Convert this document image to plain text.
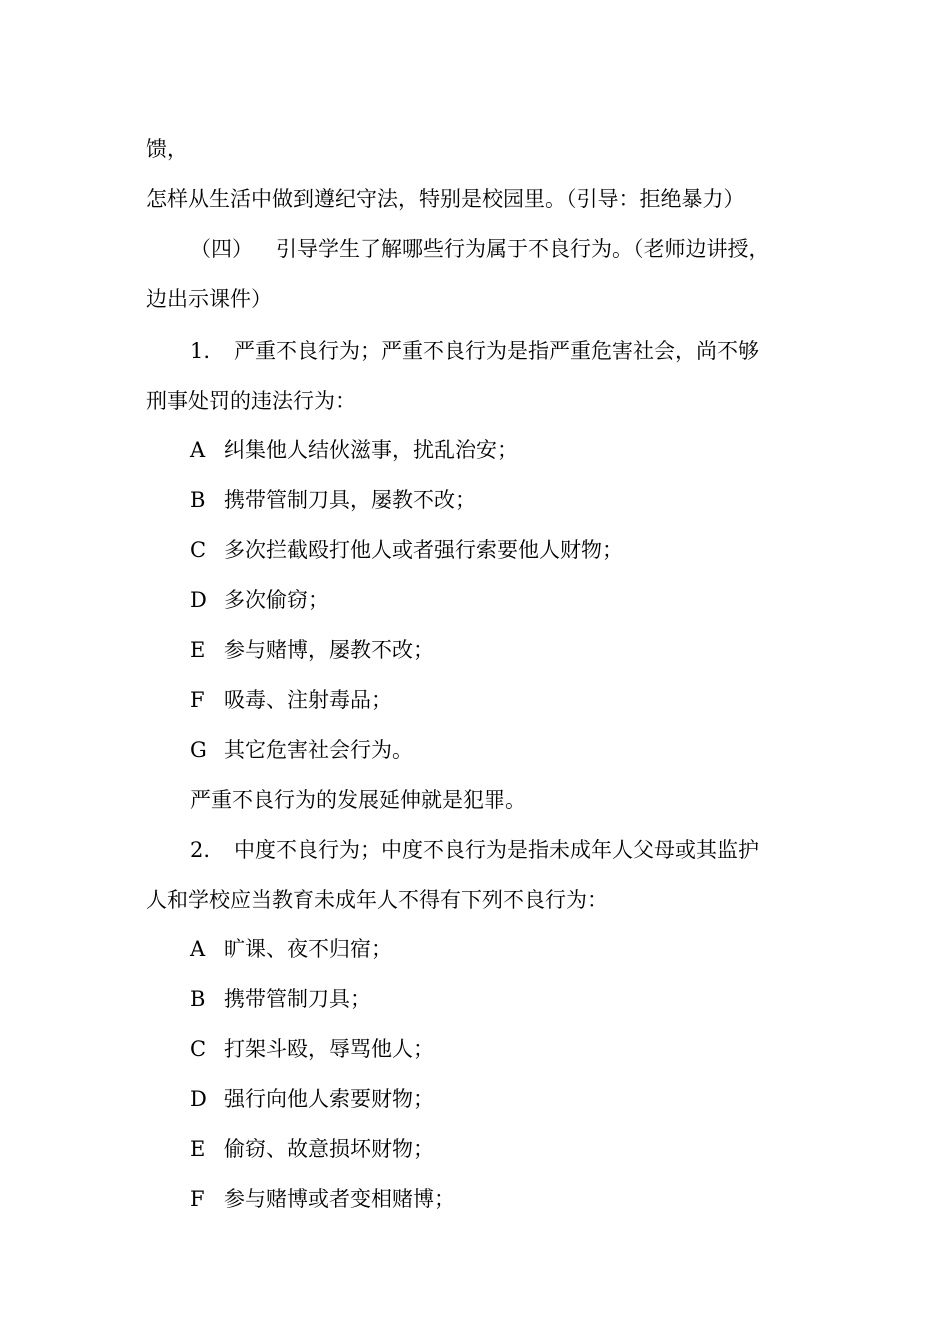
馈，
怎样从生活中做到遵纪守法，特别是校园里。（引导：拒绝暴力）
（四） 引导学生了解哪些行为属于不良行为。（老师边讲授，
边出示课件）
1. 严重不良行为；严重不良行为是指严重危害社会，尚不够
刑事处罚的违法行为：
A 纠集他人结伙滋事，扰乱治安；
B 携带管制刀具，屡教不改；
C 多次拦截殴打他人或者强行索要他人财物；
D 多次偷窃；
E 参与赌博，屡教不改；
F 吸毒、注射毒品；
G 其它危害社会行为。
严重不良行为的发展延伸就是犯罪。
2. 中度不良行为；中度不良行为是指未成年人父母或其监护
人和学校应当教育未成年人不得有下列不良行为：
A 旷课、夜不归宿；
B 携带管制刀具；
C 打架斗殴，辱骂他人；
D 强行向他人索要财物；
E 偷窃、故意损坏财物；
F 参与赌博或者变相赌博；
